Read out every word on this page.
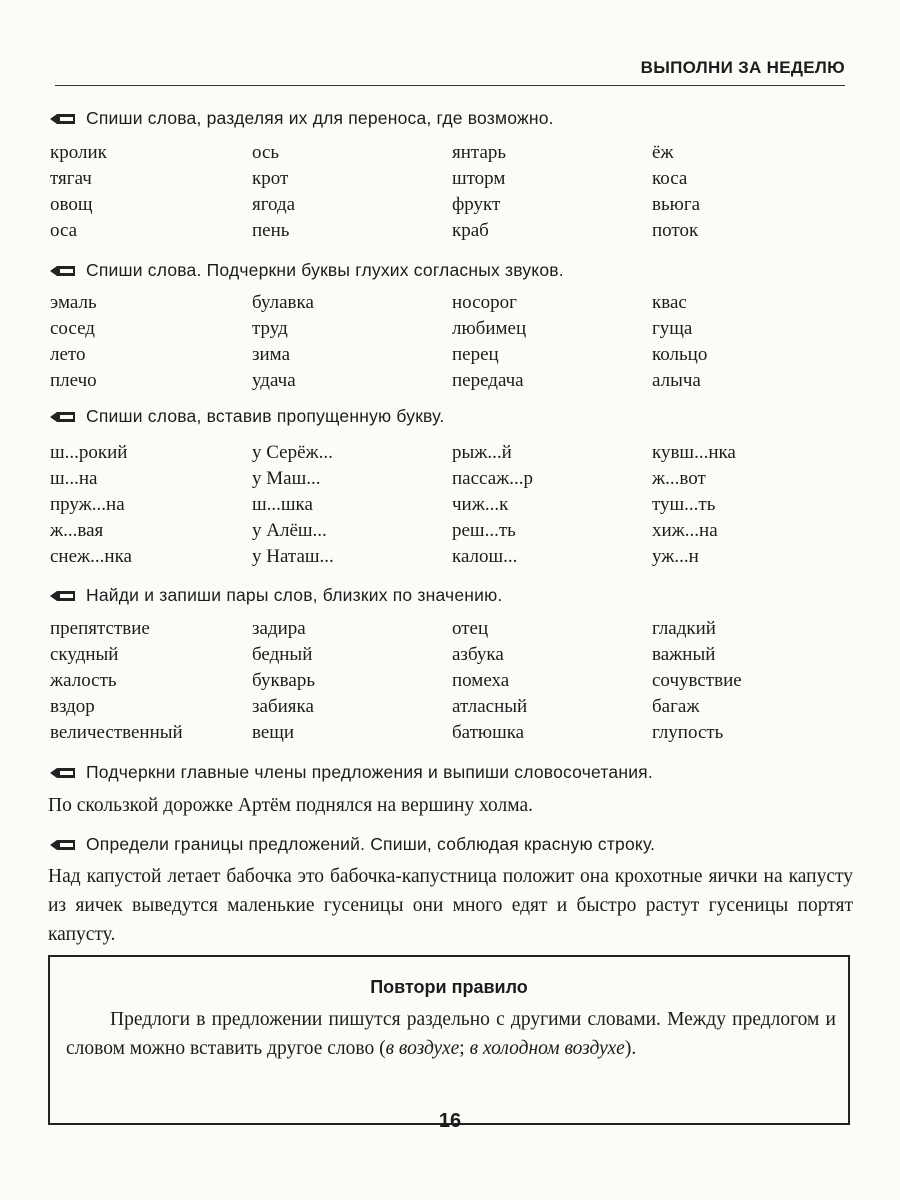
ВЫПОЛНИ ЗА НЕДЕЛЮ
Спиши слова, разделяя их для переноса, где возможно.
кролик	ось	янтарь	ёж
тягач	крот	шторм	коса
овощ	ягода	фрукт	вьюга
оса	пень	краб	поток
Спиши слова. Подчеркни буквы глухих согласных звуков.
эмаль	булавка	носорог	квас
сосед	труд	любимец	гуща
лето	зима	перец	кольцо
плечо	удача	передача	алыча
Спиши слова, вставив пропущенную букву.
ш...рокий	у Серёж...	рыж...й	кувш...нка
ш...на	у Маш...	пассаж...р	ж...вот
пруж...на	ш...шка	чиж...к	туш...ть
ж...вая	у Алёш...	реш...ть	хиж...на
снеж...нка	у Наташ...	калош...	уж...н
Найди и запиши пары слов, близких по значению.
препятствие	задира	отец	гладкий
скудный	бедный	азбука	важный
жалость	букварь	помеха	сочувствие
вздор	забияка	атласный	багаж
величественный	вещи	батюшка	глупость
Подчеркни главные члены предложения и выпиши словосочетания.
По скользкой дорожке Артём поднялся на вершину холма.
Определи границы предложений. Спиши, соблюдая красную строку.
Над капустой летает бабочка это бабочка-капустница положит она крохотные яички на капусту из яичек выведутся маленькие гусеницы они много едят и быстро растут гусеницы портят капусту.
Повтори правило
Предлоги в предложении пишутся раздельно с другими словами. Между предлогом и словом можно вставить другое слово (в воздухе; в холодном воздухе).
16
